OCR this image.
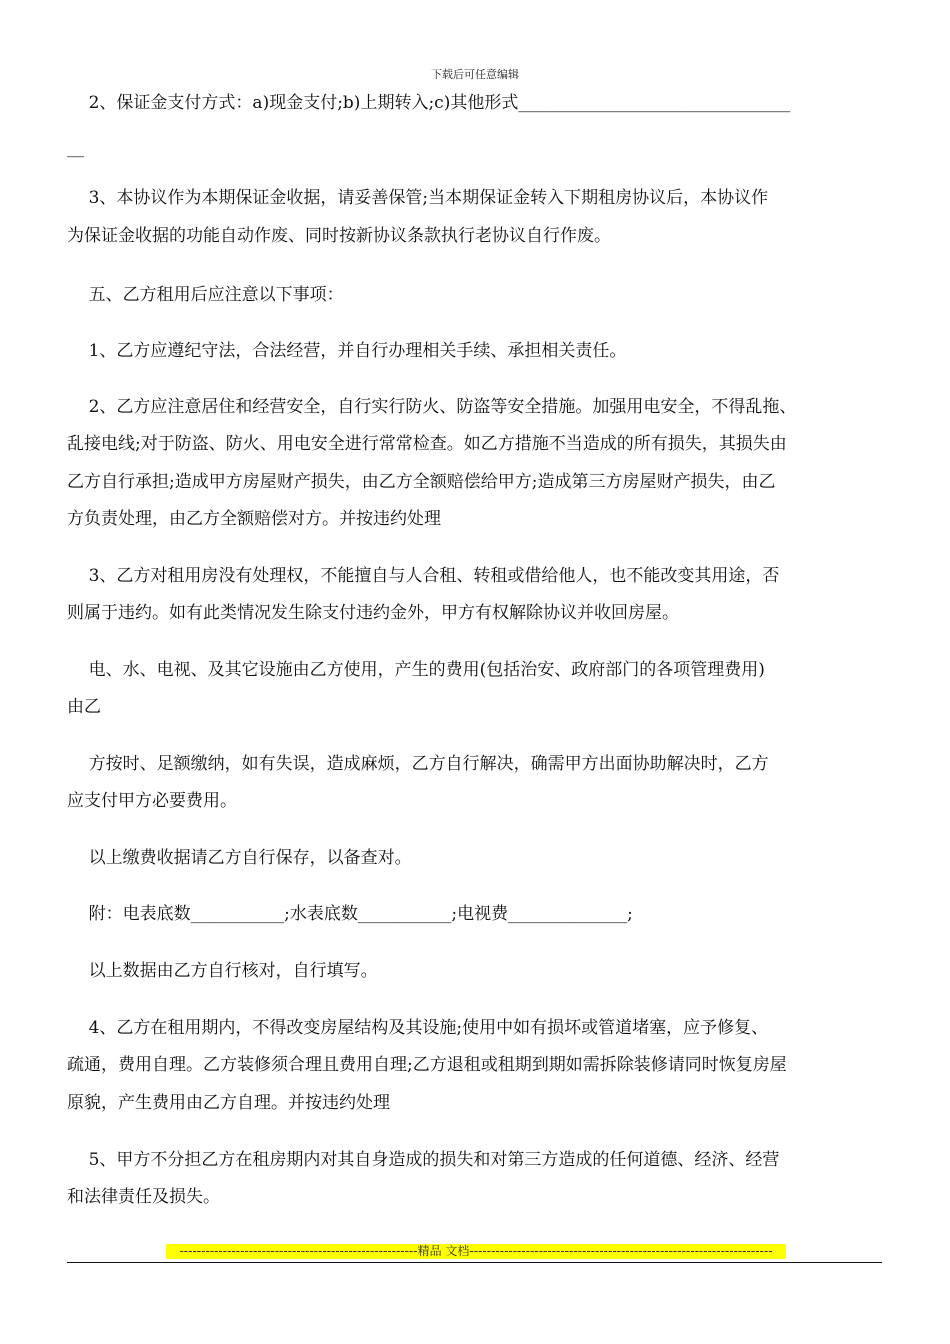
下载后可任意编辑
2、保证金支付方式：a)现金支付;b)上期转入;c)其他形式________________________________
__
3、本协议作为本期保证金收据，请妥善保管;当本期保证金转入下期租房协议后，本协议作
为保证金收据的功能自动作废、同时按新协议条款执行老协议自行作废。
五、乙方租用后应注意以下事项：
1、乙方应遵纪守法，合法经营，并自行办理相关手续、承担相关责任。
2、乙方应注意居住和经营安全，自行实行防火、防盗等安全措施。加强用电安全，不得乱拖、
乱接电线;对于防盗、防火、用电安全进行常常检查。如乙方措施不当造成的所有损失，其损失由
乙方自行承担;造成甲方房屋财产损失，由乙方全额赔偿给甲方;造成第三方房屋财产损失，由乙
方负责处理，由乙方全额赔偿对方。并按违约处理
3、乙方对租用房没有处理权，不能擅自与人合租、转租或借给他人，也不能改变其用途，否
则属于违约。如有此类情况发生除支付违约金外，甲方有权解除协议并收回房屋。
电、水、电视、及其它设施由乙方使用，产生的费用(包括治安、政府部门的各项管理费用)
由乙
方按时、足额缴纳，如有失误，造成麻烦，乙方自行解决，确需甲方出面协助解决时，乙方
应支付甲方必要费用。
以上缴费收据请乙方自行保存，以备查对。
附：电表底数___________;水表底数___________;电视费______________;
以上数据由乙方自行核对，自行填写。
4、乙方在租用期内，不得改变房屋结构及其设施;使用中如有损坏或管道堵塞，应予修复、
疏通，费用自理。乙方装修须合理且费用自理;乙方退租或租期到期如需拆除装修请同时恢复房屋
原貌，产生费用由乙方自理。并按违约处理
5、甲方不分担乙方在租房期内对其自身造成的损失和对第三方造成的任何道德、经济、经营
和法律责任及损失。
-------------------------------------------------------精品 文档----------------------------------------------------------------------
